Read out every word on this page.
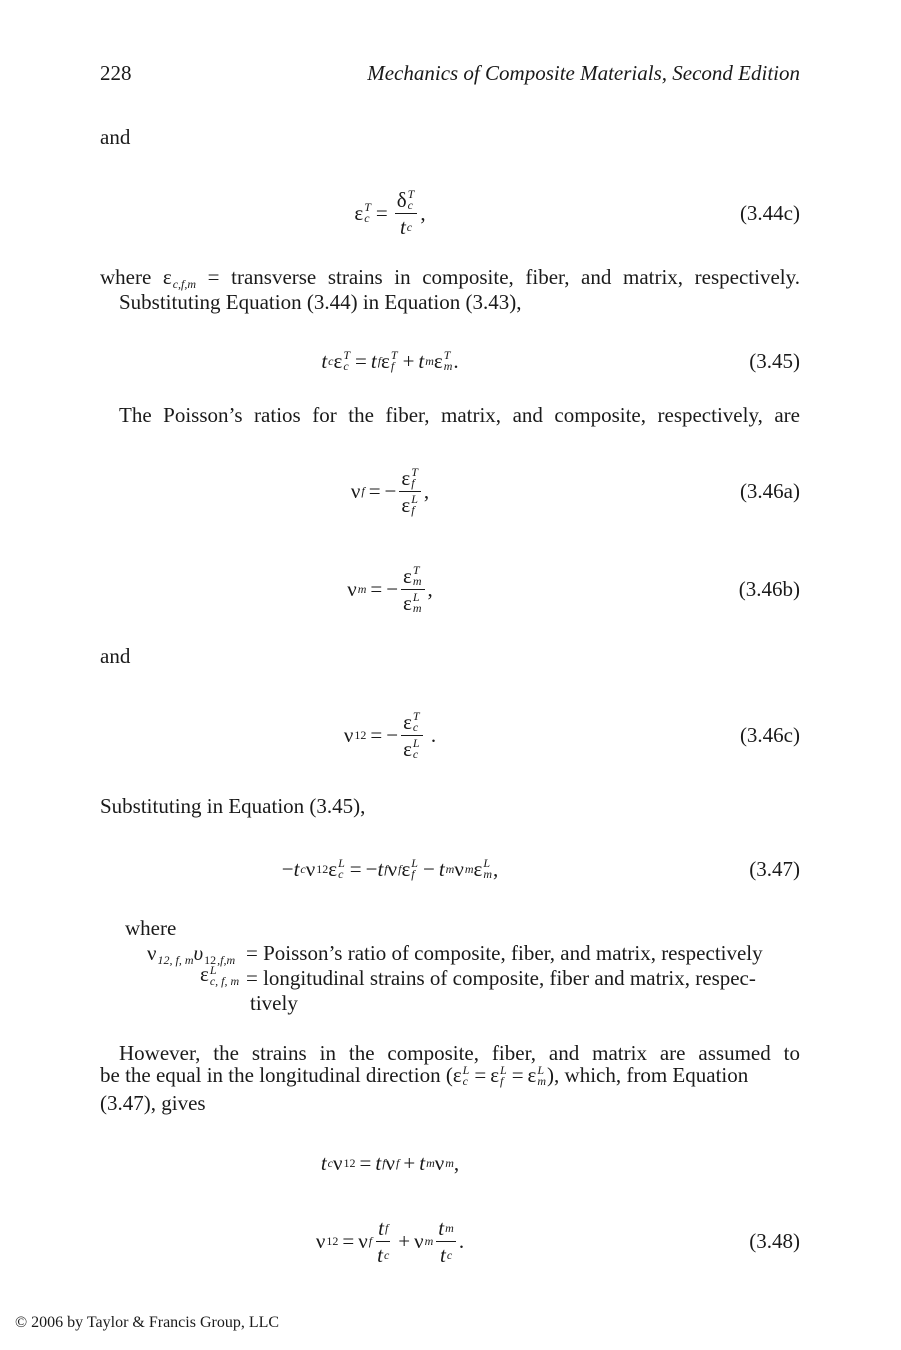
228	Mechanics of Composite Materials, Second Edition
and
ε T
c = δ T
c
t c ,	(3.44c)
where $\varepsilon_{c,f,m}$ = transverse strains in composite, fiber, and matrix, respectively.
Substituting Equation (3.44) in Equation (3.43),
t c ε T
c = t f ε T
f + t m ε T
m .	(3.45)
The Poisson’s ratios for the fiber, matrix, and composite, respectively, are
ν f = − ε T
f
ε L
f ,	(3.46a)
ν m = − ε T
m
ε L
m ,	(3.46b)
and
ν 12 = − ε T
c
ε L
c .	(3.46c)
Substituting in Equation (3.45),
− t c ν 12 ε L
c = − t f ν f ε L
f − t m ν m ε L
m ,	(3.47)
where
$\nu_{12, f, m}\upsilon 12_{,f,m}$ = Poisson’s ratio of composite, fiber, and matrix, respectively
ε L
c, f, m = longitudinal strains of composite, fiber and matrix, respec-
tively
However, the strains in the composite, fiber, and matrix are assumed to
be the equal in the longitudinal direction ( ε L
c = ε L
f = ε L
m ), which, from Equation
(3.47), gives
t c ν 12 = t f ν f + t m ν m ,
ν 12 = ν f $\frac{\text{t f}}{\text{t c}} + \nu$ m $\frac{\text{t m}}{\text{t c}}$ .	(3.48)
© 2006 by Taylor & Francis Group, LLC
